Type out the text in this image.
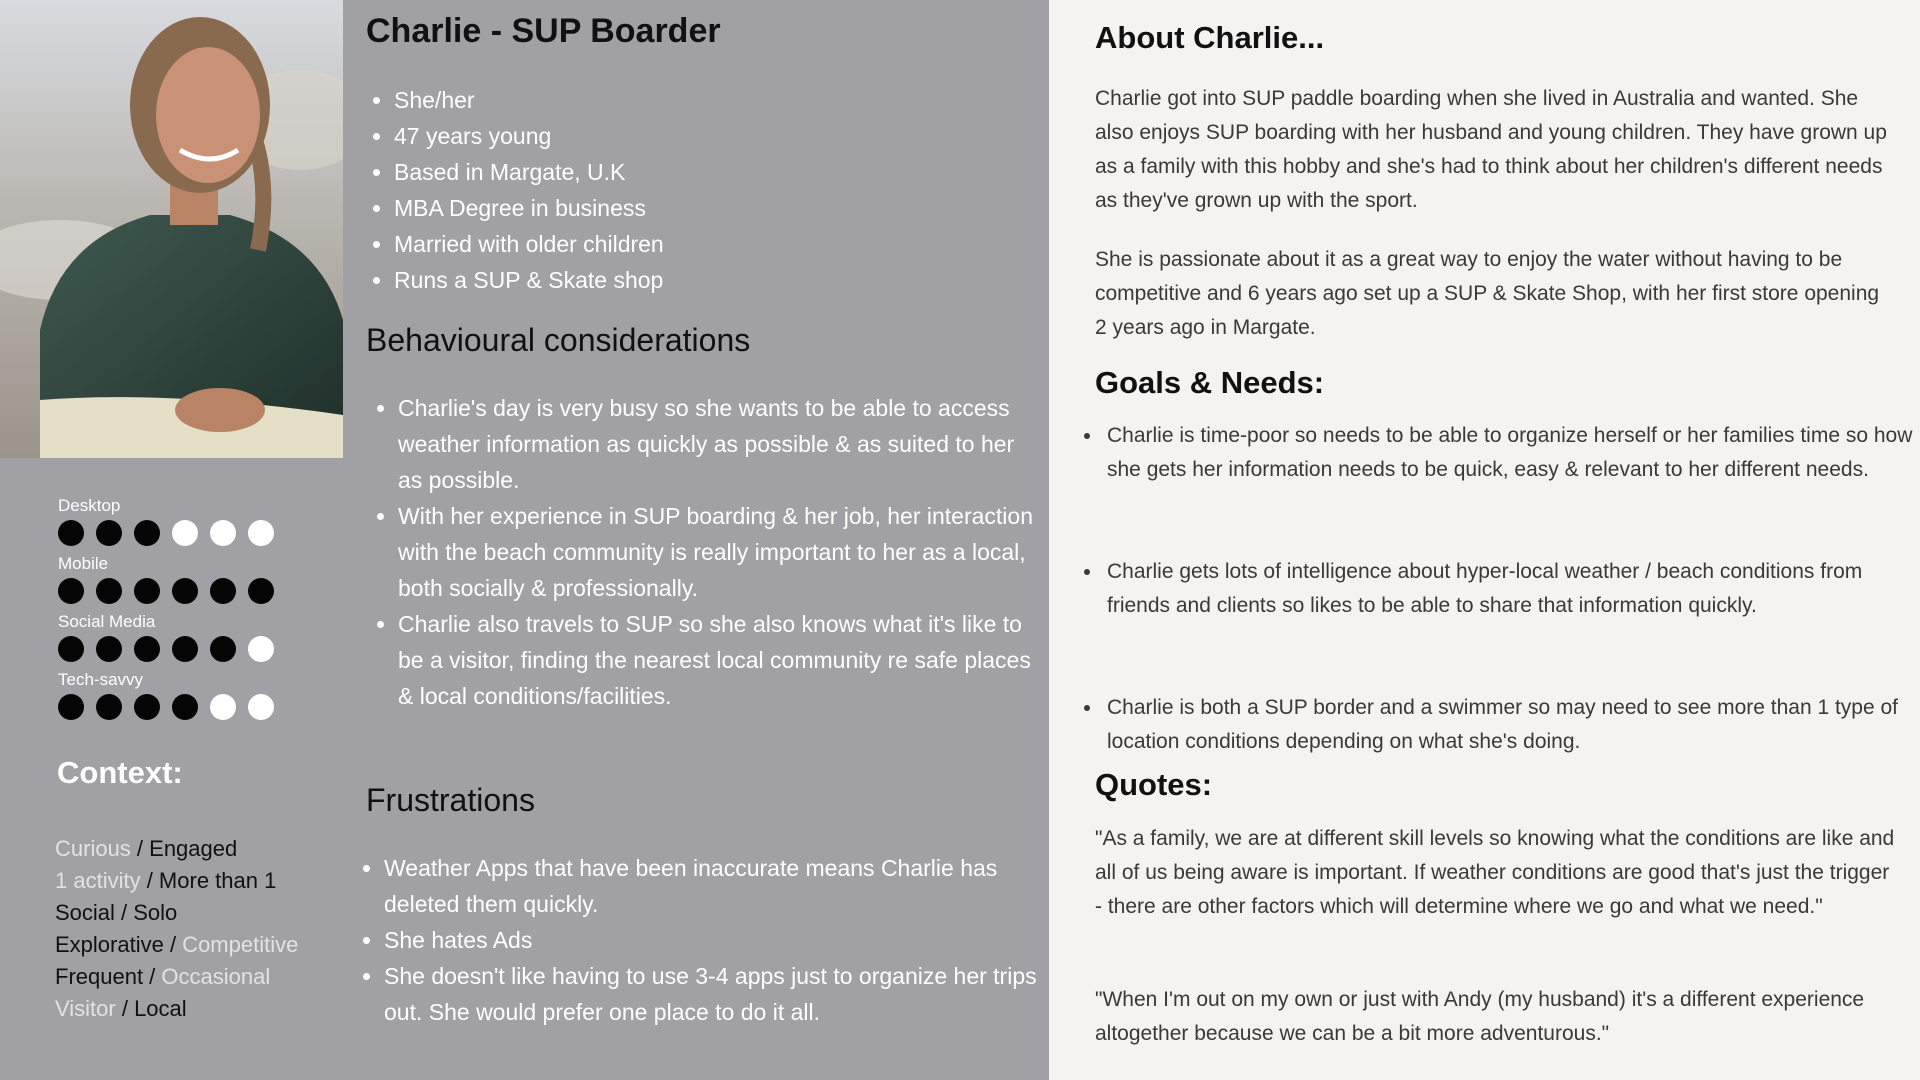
Desktop
Mobile
Social Media
Tech-savvy
Context:
Curious / Engaged
1 activity / More than 1
Social / Solo
Explorative / Competitive
Frequent / Occasional
Visitor / Local
Charlie - SUP Boarder
• She/her
• 47 years young
• Based in Margate, U.K
• MBA Degree in business
• Married with older children
• Runs a SUP & Skate shop
Behavioural considerations
• Charlie's day is very busy so she wants to be able to access weather information as quickly as possible & as suited to her as possible.
• With her experience in SUP boarding & her job, her interaction with the beach community is really important to her as a local, both socially & professionally.
• Charlie also travels to SUP so she also knows what it's like to be a visitor, finding the nearest local community re safe places & local conditions/facilities.
Frustrations
• Weather Apps that have been inaccurate means Charlie has deleted them quickly.
• She hates Ads
• She doesn't like having to use 3-4 apps just to organize her trips out. She would prefer one place to do it all.
About Charlie...

Charlie got into SUP paddle boarding when she lived in Australia and wanted. She also enjoys SUP boarding with her husband and young children. They have grown up as a family with this hobby and she's had to think about her children's different needs as they've grown up with the sport.

She is passionate about it as a great way to enjoy the water without having to be competitive and 6 years ago set up a SUP & Skate Shop, with her first store opening 2 years ago in Margate.

Goals & Needs:
• Charlie is time-poor so needs to be able to organize herself or her families time so how she gets her information needs to be quick, easy & relevant to her different needs.
• Charlie gets lots of intelligence about hyper-local weather / beach conditions from friends and clients so likes to be able to share that information quickly.
• Charlie is both a SUP border and a swimmer so may need to see more than 1 type of location conditions depending on what she's doing.
Quotes:

"As a family, we are at different skill levels so knowing what the conditions are like and all of us being aware is important. If weather conditions are good that's just the trigger - there are other factors which will determine where we go and what we need."

"When I'm out on my own or just with Andy (my husband) it's a different experience altogether because we can be a bit more adventurous."
